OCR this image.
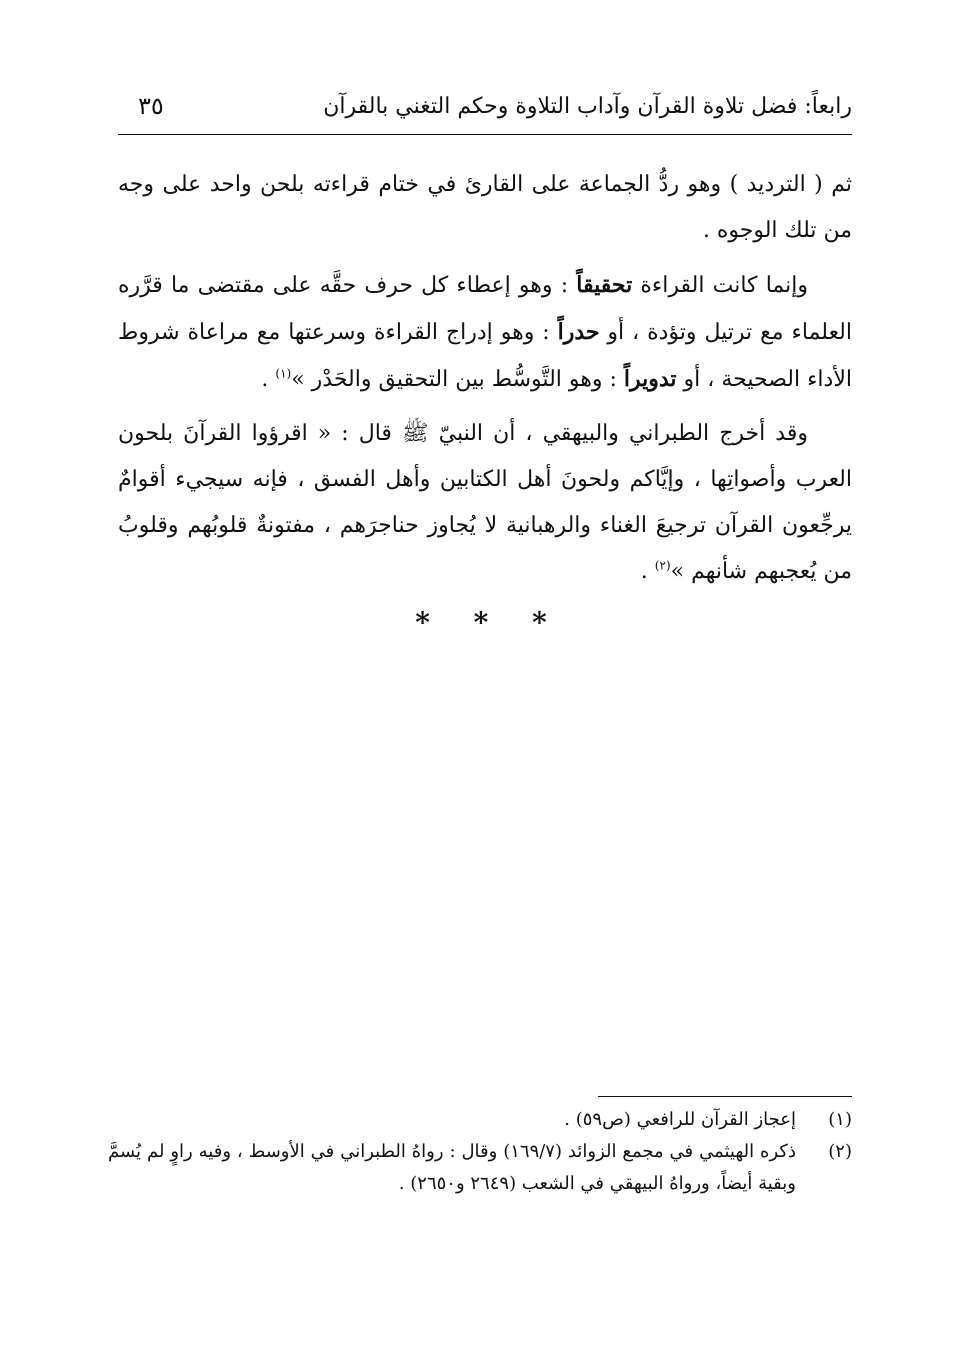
رابعاً: فضل تلاوة القرآن وآداب التلاوة وحكم التغني بالقرآن
٣٥

ثم ( الترديد ) وهو ردُّ الجماعة على القارئ في ختام قراءته بلحن واحد على وجه من تلك الوجوه .

وإنما كانت القراءة تحقيقاً : وهو إعطاء كل حرف حقَّه على مقتضى ما قرَّره العلماء مع ترتيل وتؤدة ، أو حدراً : وهو إدراج القراءة وسرعتها مع مراعاة شروط الأداء الصحيحة ، أو تدويراً : وهو التَّوسُّط بين التحقيق والحَدْر »$^{(١)}$ .

وقد أخرج الطبراني والبيهقي ، أن النبيّ ﷺ قال : « اقرؤوا القرآنَ بلحون العرب وأصواتِها ، وإيَّاكم ولحونَ أهل الكتابين وأهل الفسق ، فإنه سيجيء أقوامٌ يرجِّعون القرآن ترجيعَ الغناء والرهبانية لا يُجاوز حناجرَهم ، مفتونةٌ قلوبُهم وقلوبُ من يُعجبهم شأنهم »$^{(٢)}$ .

* * *
(١)
إعجاز القرآن للرافعي (ص٥٩) .
(٢)
ذكره الهيثمي في مجمع الزوائد (١٦٩/٧) وقال : رواهُ الطبراني في الأوسط ، وفيه راوٍ لم يُسمَّ وبقية أيضاً، ورواهُ البيهقي في الشعب (٢٦٤٩ و٢٦٥٠) .
